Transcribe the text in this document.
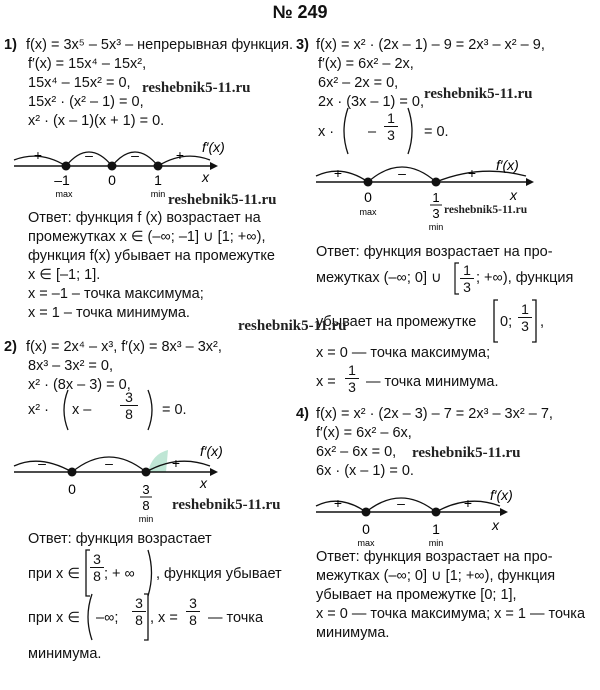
№ 249
1) f(x) = 3x⁵ – 5x³ – непрерывная функция.
f′(x) = 15x⁴ – 15x²,
15x⁴ – 15x² = 0,
15x² · (x² – 1) = 0,
x² · (x – 1)(x + 1) = 0.
+	–	–	+ f′(x)
x
–1	0	1
max	min
Ответ: функция f (x) возрастает на
промежутках x ∈ (–∞; –1] ∪ [1; +∞),
функция f(x) убывает на промежутке
x ∈ [–1; 1].
x = –1 – точка максимума;
x = 1 – точка минимума.
2) f(x) = 2x⁴ – x³, f′(x) = 8x³ – 3x²,
8x³ – 3x² = 0,
x² · (8x – 3) = 0,
$x^2 \cdot x - \frac{3}{8} = 0$.
–	–	+
f′(x)
x
0	3
8
min
Ответ: функция возрастает
при x ∈ $\frac{3}{8}$ ; + ∞ , функция убывает
при x ∈ –∞; $\frac{3}{8}$ , $x = \frac{3}{8}$ — точка
минимума.
3) f(x) = x² · (2x – 1) – 9 = 2x³ – x² – 9,
f′(x) = 6x² – 2x,
6x² – 2x = 0,
2x · (3x – 1) = 0,
x · – $\frac{1}{3} = 0$.
+	–	+ f′(x)
x
0
max
1
3
min
Ответ: функция возрастает на про-
межутках (–∞; 0] ∪ $\frac{1}{3}$ ; +∞), функция
убывает на промежутке 0; $\frac{1}{3}$ ,
x = 0 — точка максимума;
$x = \frac{1}{3}$ — точка минимума.
4) f(x) = x² · (2x – 3) – 7 = 2x³ – 3x² – 7,
f′(x) = 6x² – 6x,
6x² – 6x = 0,
6x · (x – 1) = 0.
+	–	+ f′(x)
x
0	1
max	min
Ответ: функция возрастает на про-
межутках (–∞; 0] ∪ [1; +∞), функция
убывает на промежутке [0; 1],
x = 0 — точка максимума; x = 1 — точка
минимума.
reshebnik5-11.ru	reshebnik5-11.ru
reshebnik5-11.ru
reshebnik5-11.ru
reshebnik5-11.ru
reshebnik5-11.ru
reshebnik5-11.ru
